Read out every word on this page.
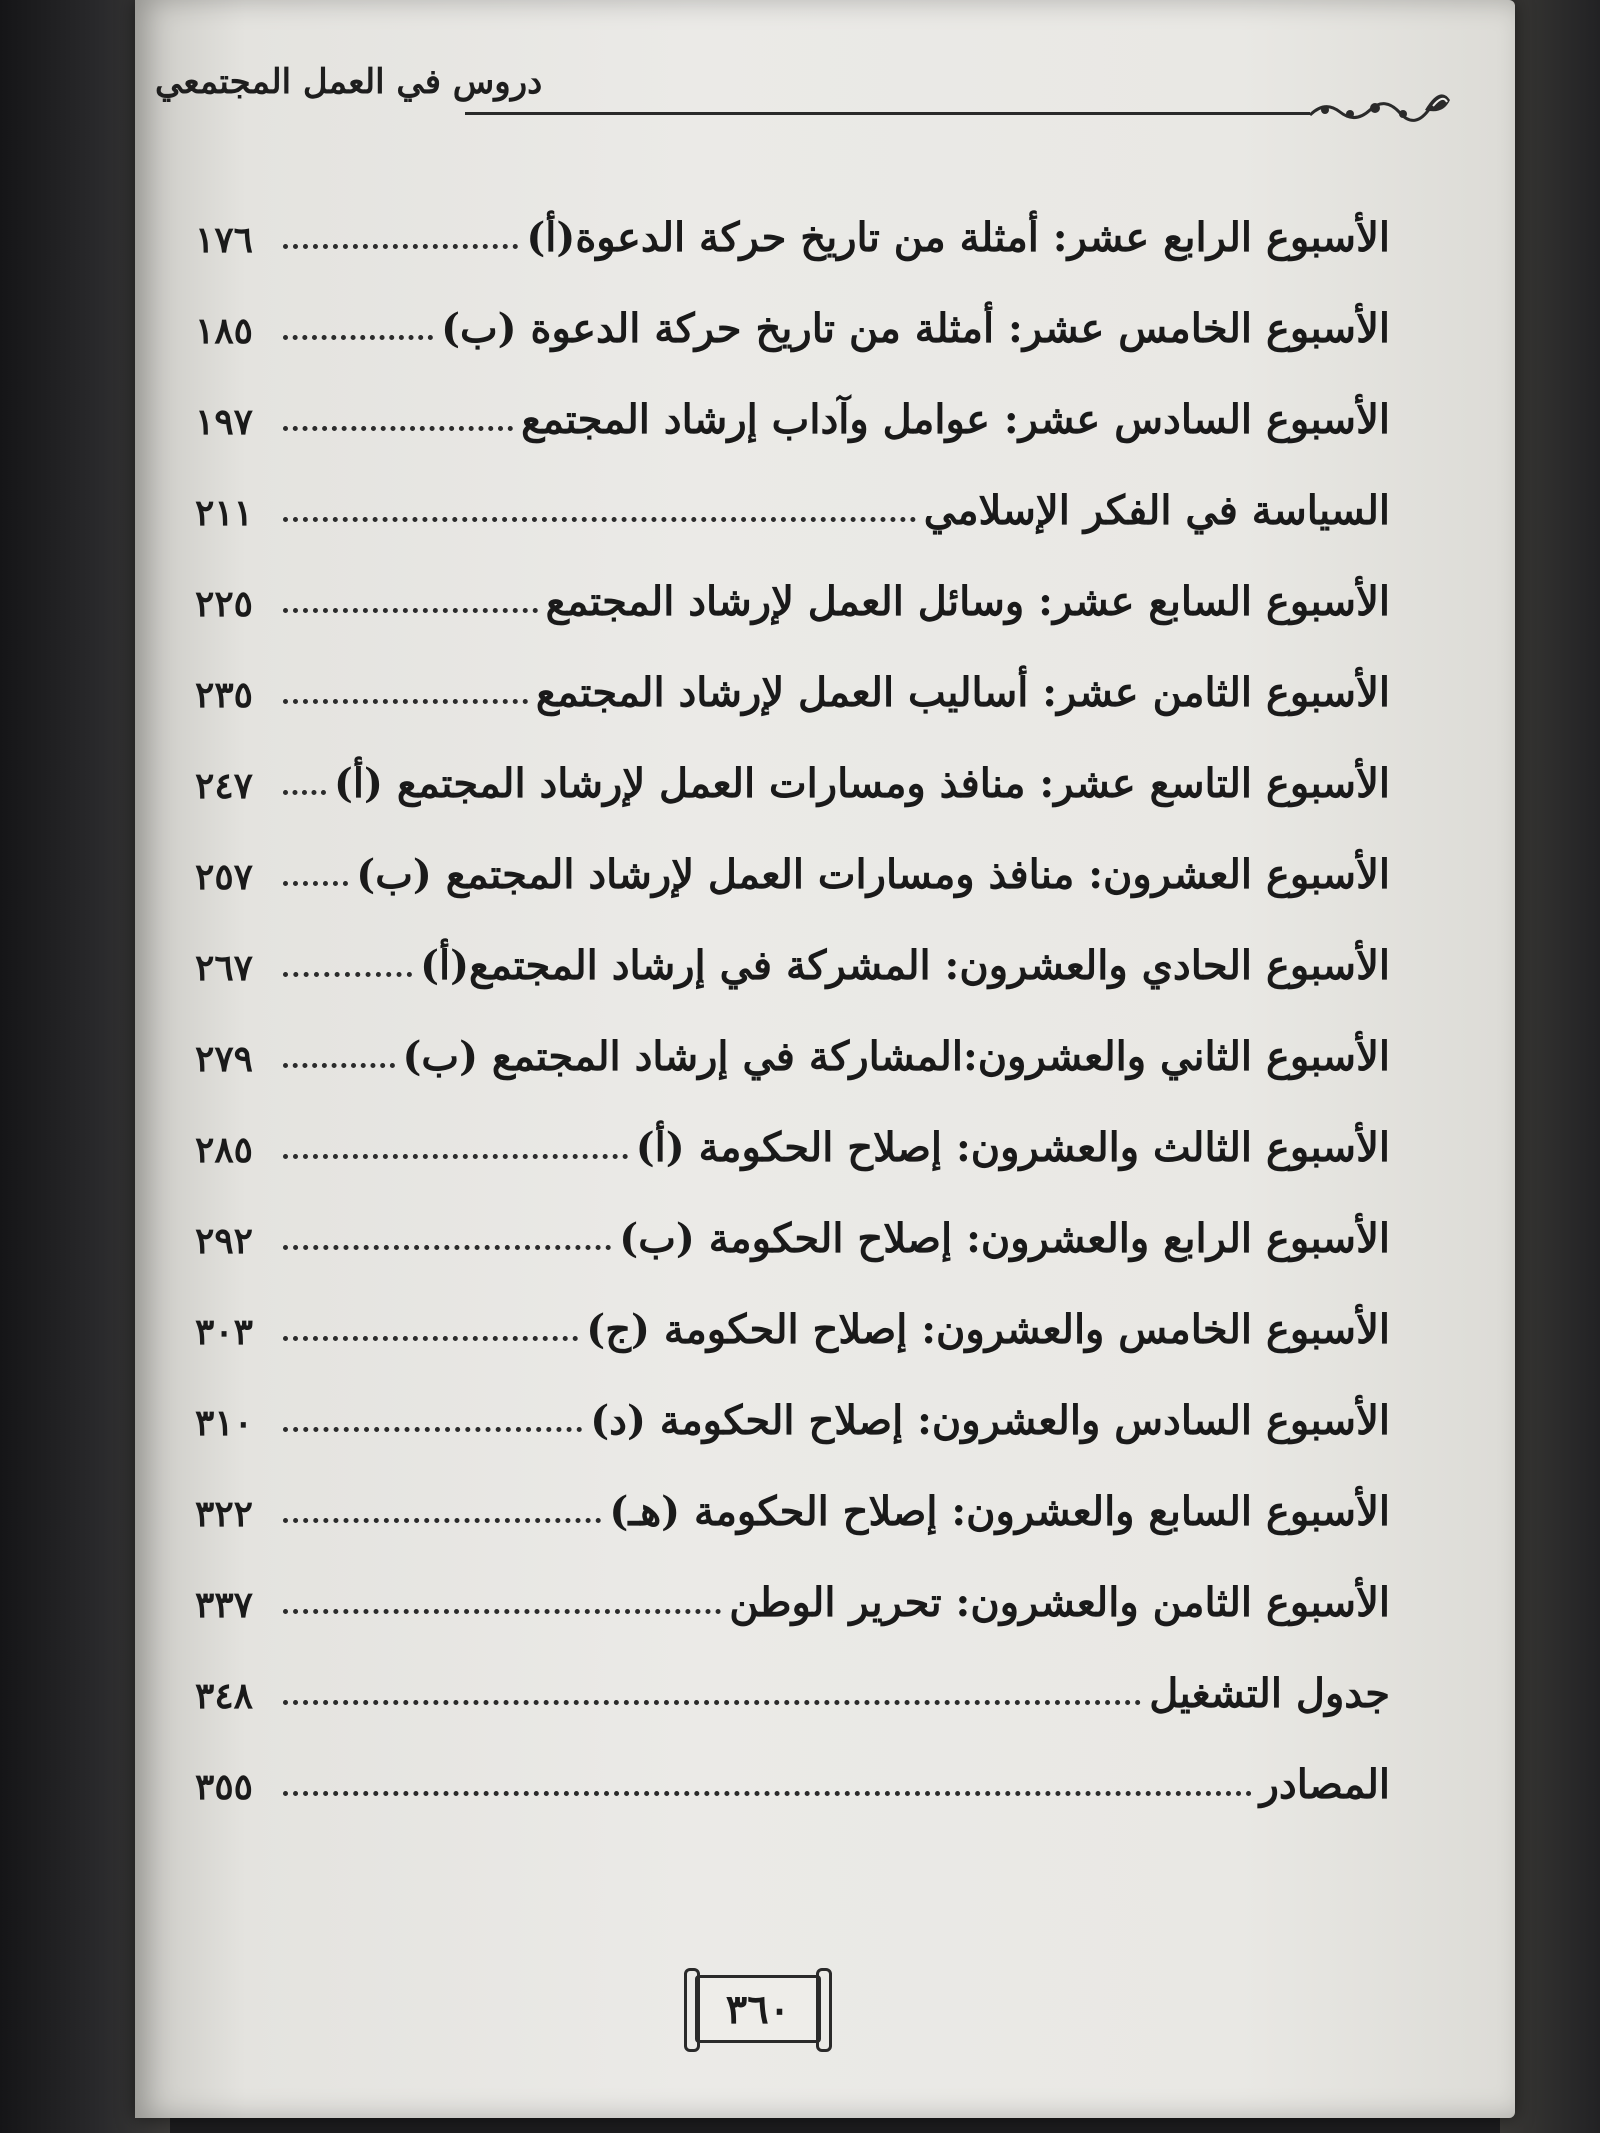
دروس في العمل المجتمعي
الأسبوع الرابع عشر: أمثلة من تاريخ حركة الدعوة(أ)
١٧٦
الأسبوع الخامس عشر: أمثلة من تاريخ حركة الدعوة (ب)
١٨٥
الأسبوع السادس عشر: عوامل وآداب إرشاد المجتمع
١٩٧
السياسة في الفكر الإسلامي
٢١١
الأسبوع السابع عشر: وسائل العمل لإرشاد المجتمع
٢٢٥
الأسبوع الثامن عشر: أساليب العمل لإرشاد المجتمع
٢٣٥
الأسبوع التاسع عشر: منافذ ومسارات العمل لإرشاد المجتمع (أ)
٢٤٧
الأسبوع العشرون: منافذ ومسارات العمل لإرشاد المجتمع (ب)
٢٥٧
الأسبوع الحادي والعشرون: المشركة في إرشاد المجتمع(أ)
٢٦٧
الأسبوع الثاني والعشرون:المشاركة في إرشاد المجتمع (ب)
٢٧٩
الأسبوع الثالث والعشرون: إصلاح الحكومة (أ)
٢٨٥
الأسبوع الرابع والعشرون: إصلاح الحكومة (ب)
٢٩٢
الأسبوع الخامس والعشرون: إصلاح الحكومة (ج)
٣٠٣
الأسبوع السادس والعشرون: إصلاح الحكومة (د)
٣١٠
الأسبوع السابع والعشرون: إصلاح الحكومة (هـ)
٣٢٢
الأسبوع الثامن والعشرون: تحرير الوطن
٣٣٧
جدول التشغيل
٣٤٨
المصادر
٣٥٥
٣٦٠
